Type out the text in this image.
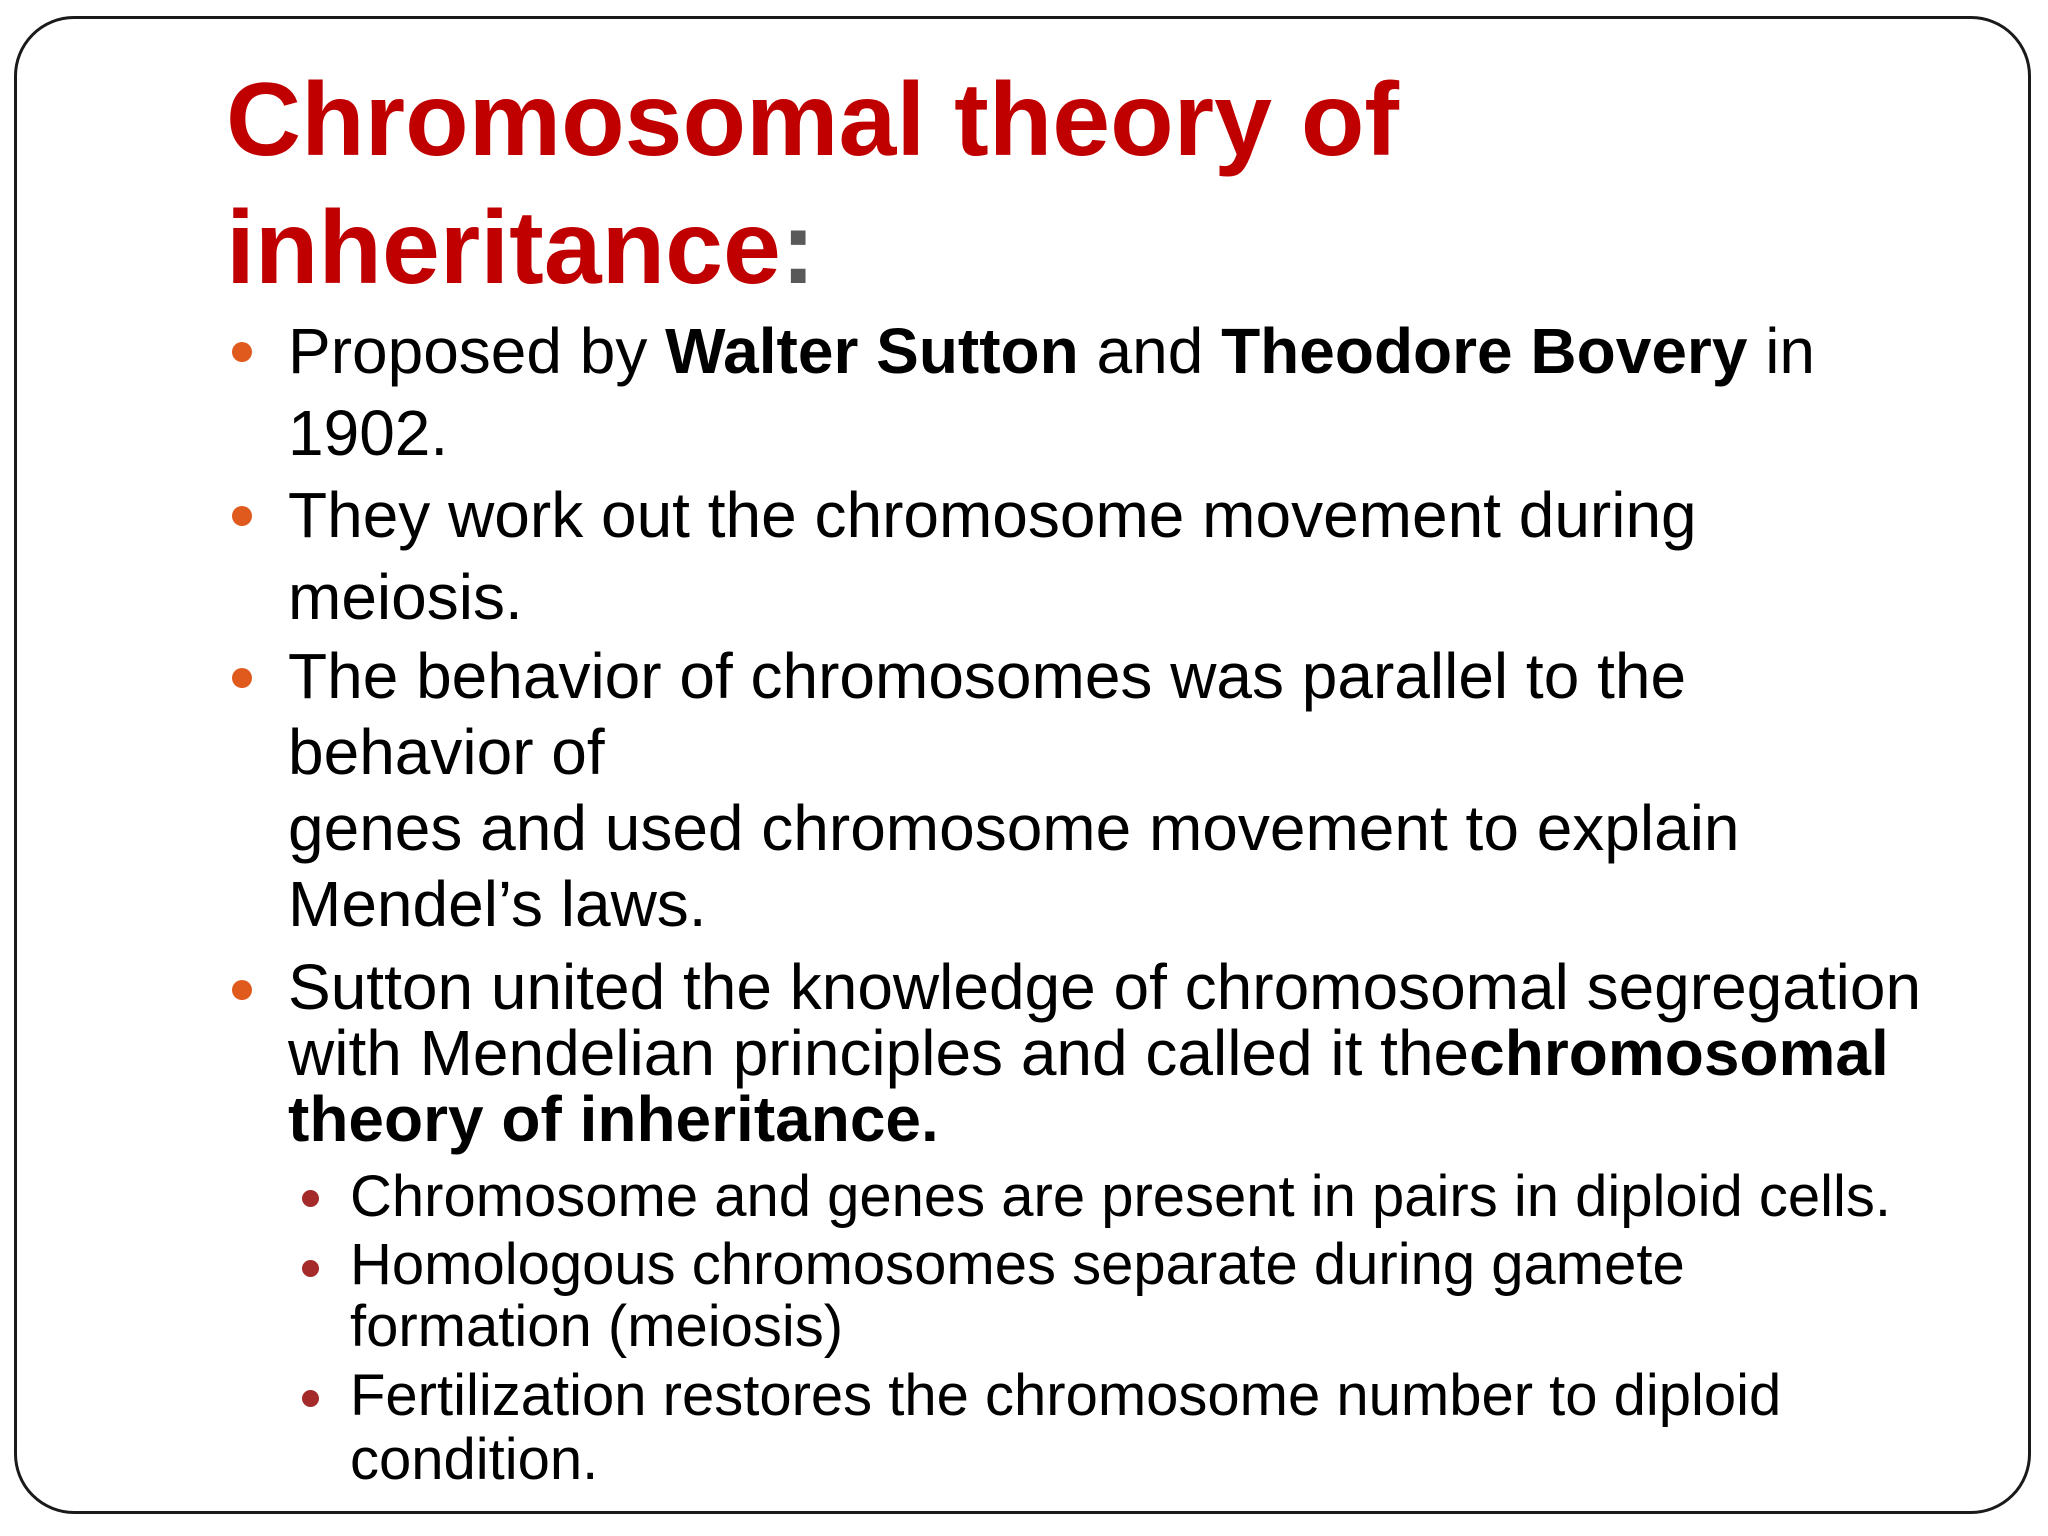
Chromosomal theory of inheritance:
Proposed by Walter Sutton and Theodore Bovery in 1902.
They work out the chromosome movement during meiosis.
The behavior of chromosomes was parallel to the behavior of
genes and used chromosome movement to explain Mendel’s laws.
Sutton united the knowledge of chromosomal segregation with Mendelian principles and called it thechromosomal theory of inheritance.
Chromosome and genes are present in pairs in diploid cells.
Homologous chromosomes separate during gamete formation (meiosis)
Fertilization restores the chromosome number to diploid condition.
